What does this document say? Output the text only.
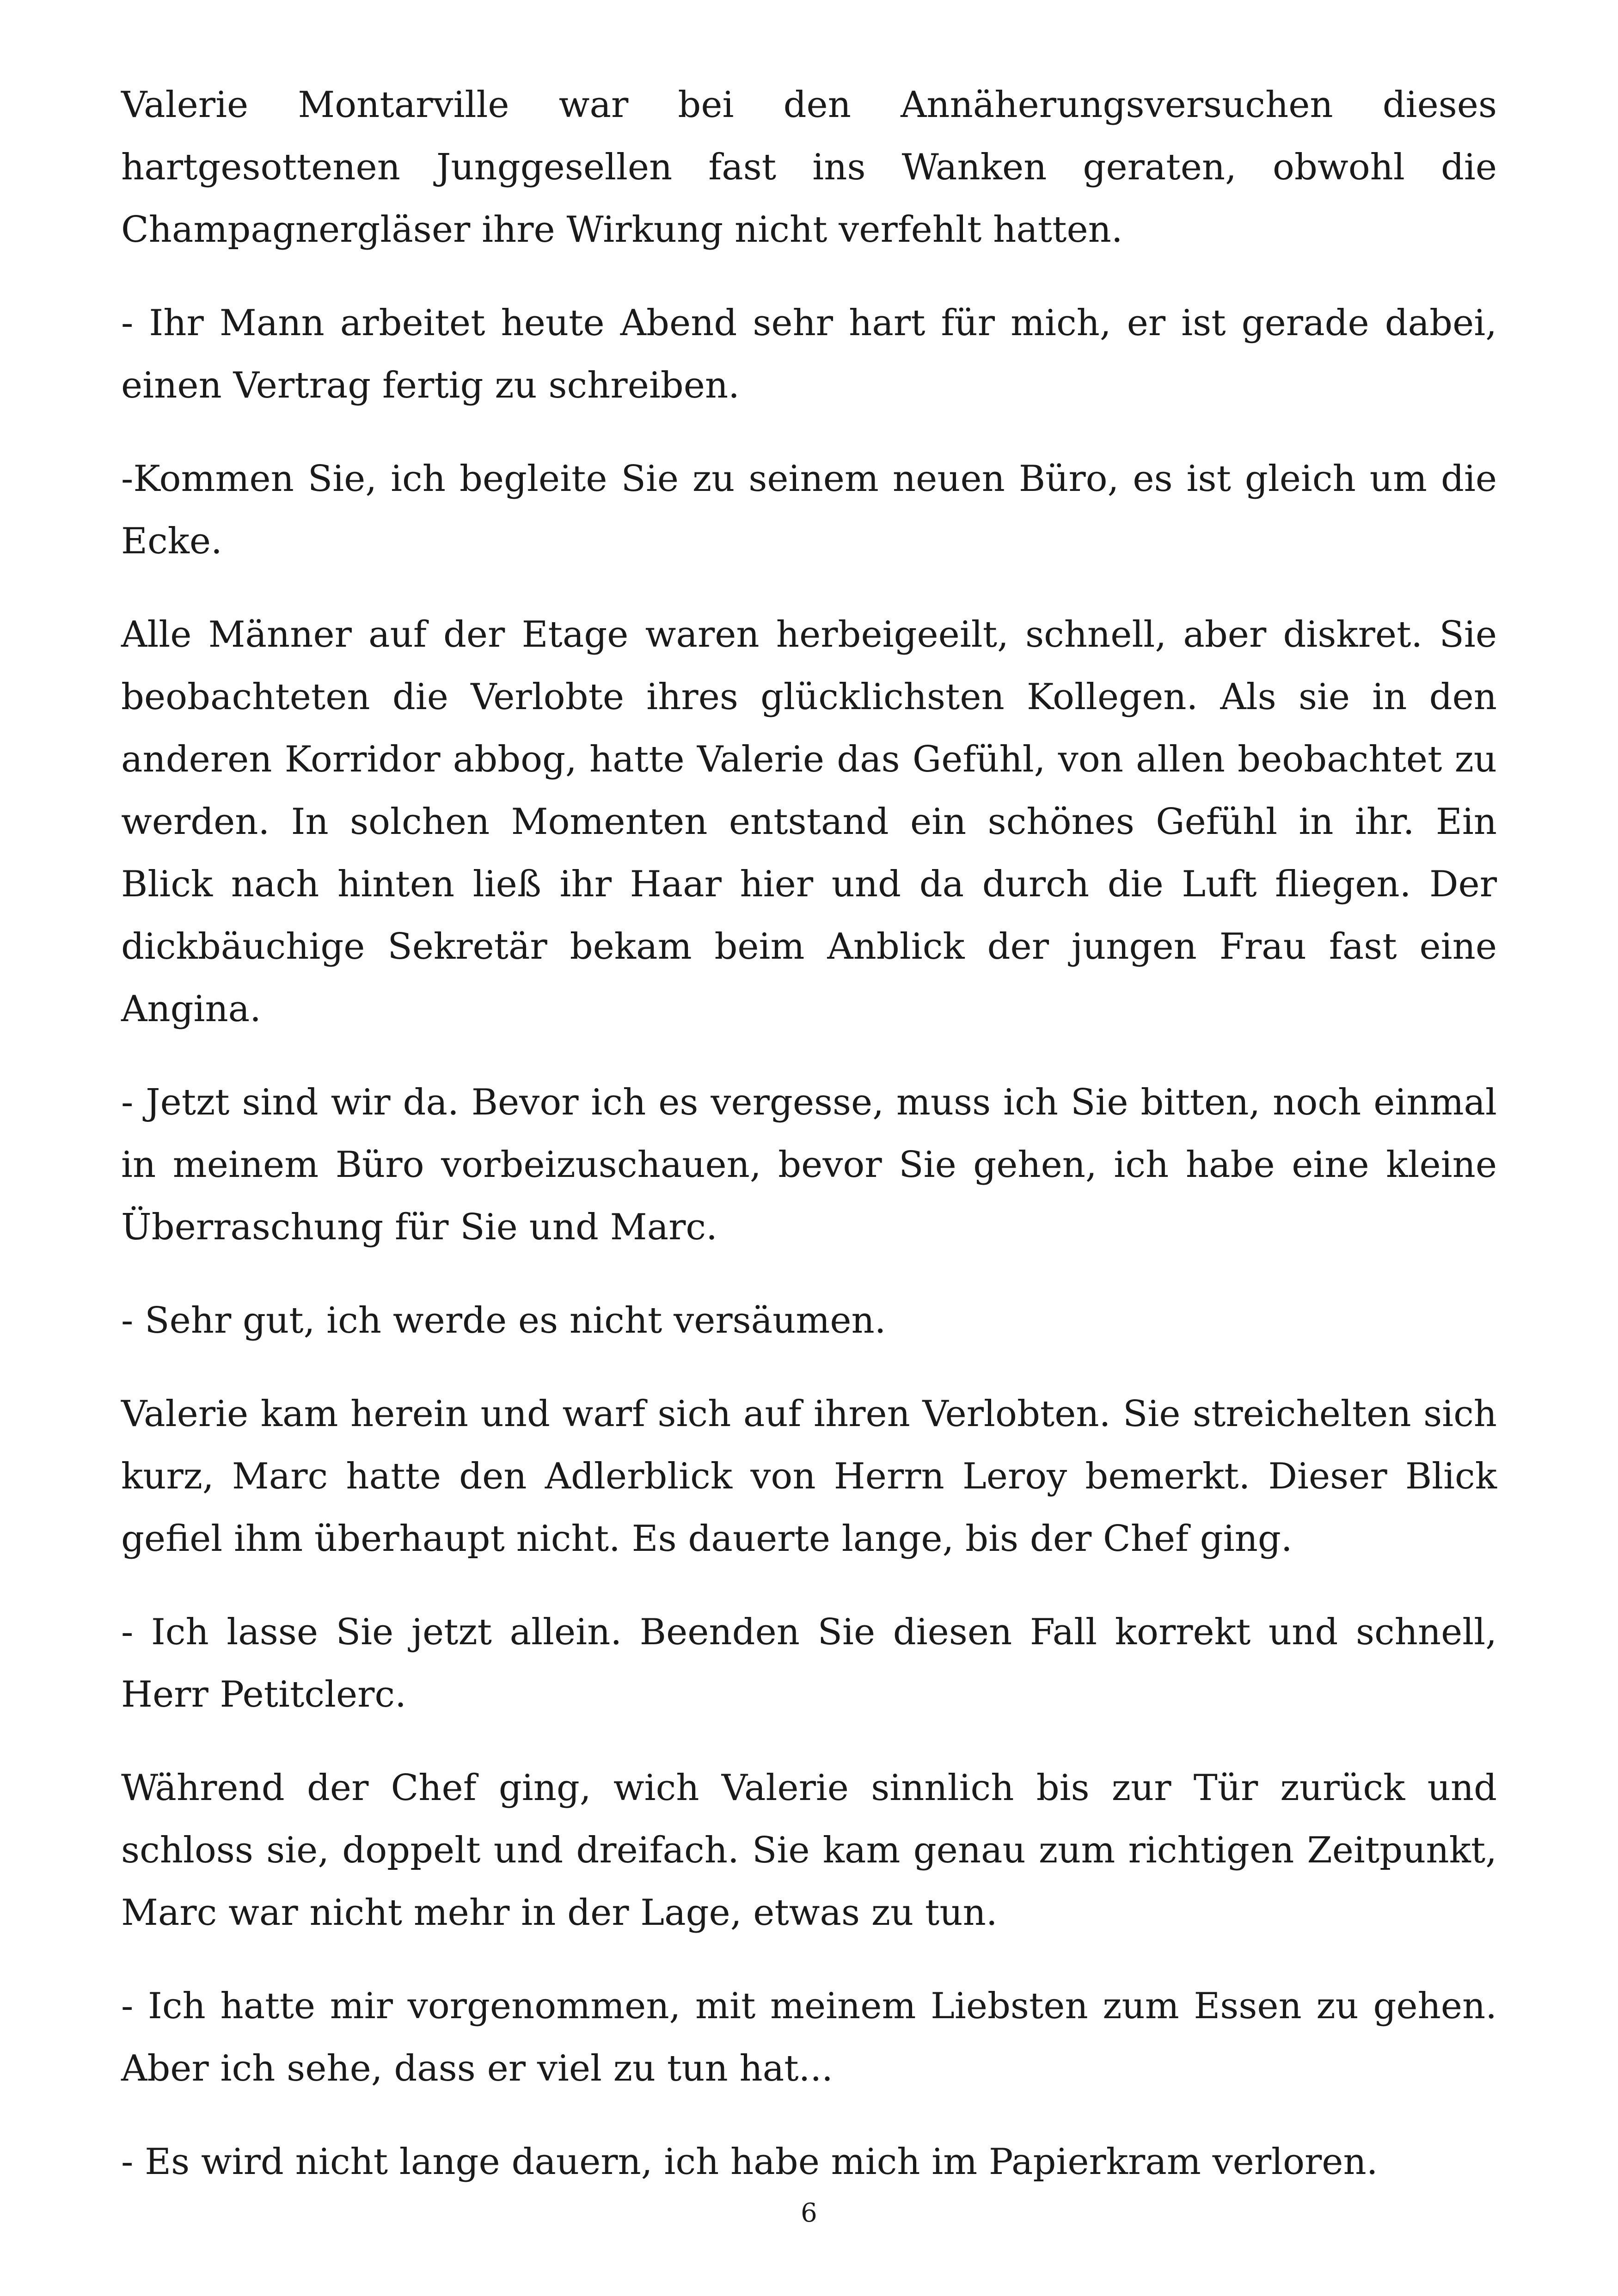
Valerie Montarville war bei den Annäherungsversuchen dieses hartgesottenen Junggesellen fast ins Wanken geraten, obwohl die Champagnergläser ihre Wirkung nicht verfehlt hatten.

- Ihr Mann arbeitet heute Abend sehr hart für mich, er ist gerade dabei, einen Vertrag fertig zu schreiben.

-Kommen Sie, ich begleite Sie zu seinem neuen Büro, es ist gleich um die Ecke.

Alle Männer auf der Etage waren herbeigeeilt, schnell, aber diskret. Sie beobachteten die Verlobte ihres glücklichsten Kollegen. Als sie in den anderen Korridor abbog, hatte Valerie das Gefühl, von allen beobachtet zu werden. In solchen Momenten entstand ein schönes Gefühl in ihr. Ein Blick nach hinten ließ ihr Haar hier und da durch die Luft fliegen. Der dickbäuchige Sekretär bekam beim Anblick der jungen Frau fast eine Angina.

- Jetzt sind wir da. Bevor ich es vergesse, muss ich Sie bitten, noch einmal in meinem Büro vorbeizuschauen, bevor Sie gehen, ich habe eine kleine Überraschung für Sie und Marc.

- Sehr gut, ich werde es nicht versäumen.

Valerie kam herein und warf sich auf ihren Verlobten. Sie streichelten sich kurz, Marc hatte den Adlerblick von Herrn Leroy bemerkt. Dieser Blick gefiel ihm überhaupt nicht. Es dauerte lange, bis der Chef ging.

- Ich lasse Sie jetzt allein. Beenden Sie diesen Fall korrekt und schnell, Herr Petitclerc.

Während der Chef ging, wich Valerie sinnlich bis zur Tür zurück und schloss sie, doppelt und dreifach. Sie kam genau zum richtigen Zeitpunkt, Marc war nicht mehr in der Lage, etwas zu tun.

- Ich hatte mir vorgenommen, mit meinem Liebsten zum Essen zu gehen. Aber ich sehe, dass er viel zu tun hat...

- Es wird nicht lange dauern, ich habe mich im Papierkram verloren.

6
